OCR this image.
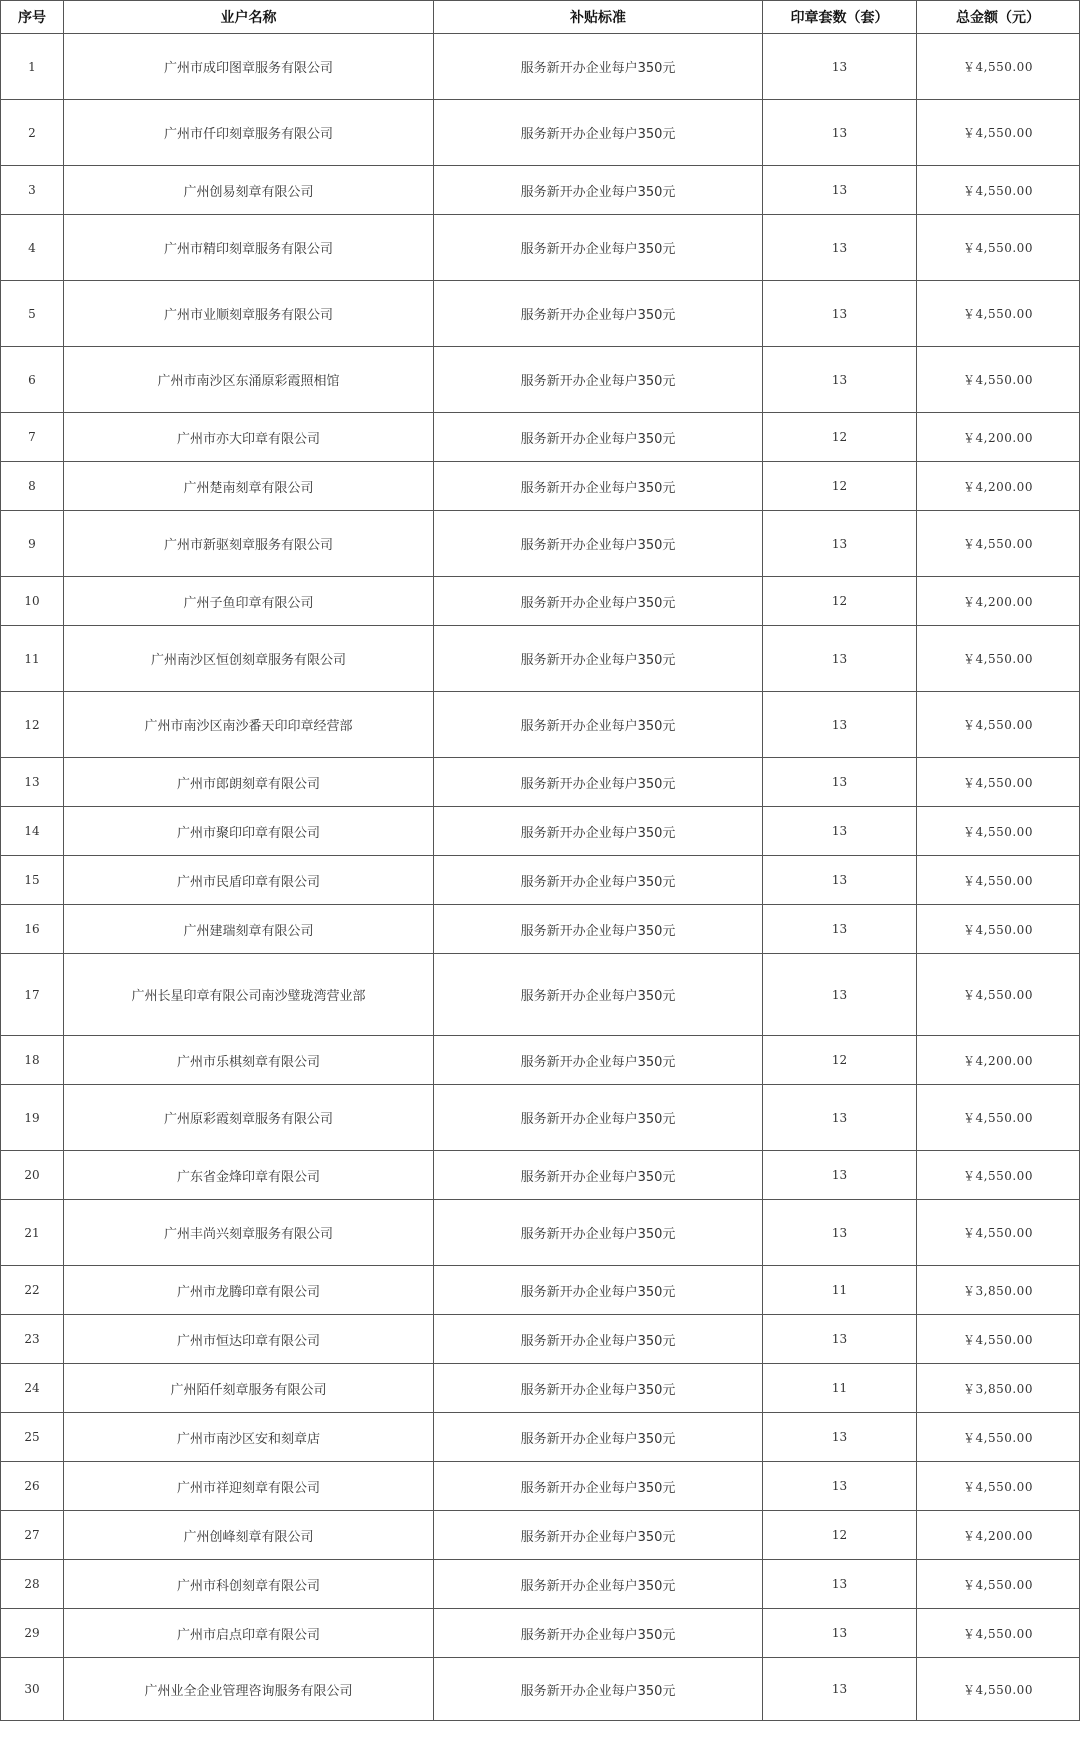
序号	业户名称	补贴标准	印章套数（套）	总金额（元）
1	广州市成印图章服务有限公司	服务新开办企业每户350元	13	￥4,550.00
2	广州市仟印刻章服务有限公司	服务新开办企业每户350元	13	￥4,550.00
3	广州创易刻章有限公司	服务新开办企业每户350元	13	￥4,550.00
4	广州市精印刻章服务有限公司	服务新开办企业每户350元	13	￥4,550.00
5	广州市业顺刻章服务有限公司	服务新开办企业每户350元	13	￥4,550.00
6	广州市南沙区东涌原彩霞照相馆	服务新开办企业每户350元	13	￥4,550.00
7	广州市亦大印章有限公司	服务新开办企业每户350元	12	￥4,200.00
8	广州楚南刻章有限公司	服务新开办企业每户350元	12	￥4,200.00
9	广州市新驱刻章服务有限公司	服务新开办企业每户350元	13	￥4,550.00
10	广州子鱼印章有限公司	服务新开办企业每户350元	12	￥4,200.00
11	广州南沙区恒创刻章服务有限公司	服务新开办企业每户350元	13	￥4,550.00
12	广州市南沙区南沙番天印印章经营部	服务新开办企业每户350元	13	￥4,550.00
13	广州市郎朗刻章有限公司	服务新开办企业每户350元	13	￥4,550.00
14	广州市聚印印章有限公司	服务新开办企业每户350元	13	￥4,550.00
15	广州市民盾印章有限公司	服务新开办企业每户350元	13	￥4,550.00
16	广州建瑞刻章有限公司	服务新开办企业每户350元	13	￥4,550.00
17	广州长星印章有限公司南沙璧珑湾营业部	服务新开办企业每户350元	13	￥4,550.00
18	广州市乐棋刻章有限公司	服务新开办企业每户350元	12	￥4,200.00
19	广州原彩霞刻章服务有限公司	服务新开办企业每户350元	13	￥4,550.00
20	广东省金烽印章有限公司	服务新开办企业每户350元	13	￥4,550.00
21	广州丰尚兴刻章服务有限公司	服务新开办企业每户350元	13	￥4,550.00
22	广州市龙腾印章有限公司	服务新开办企业每户350元	11	￥3,850.00
23	广州市恒达印章有限公司	服务新开办企业每户350元	13	￥4,550.00
24	广州陌仟刻章服务有限公司	服务新开办企业每户350元	11	￥3,850.00
25	广州市南沙区安和刻章店	服务新开办企业每户350元	13	￥4,550.00
26	广州市祥迎刻章有限公司	服务新开办企业每户350元	13	￥4,550.00
27	广州创峰刻章有限公司	服务新开办企业每户350元	12	￥4,200.00
28	广州市科创刻章有限公司	服务新开办企业每户350元	13	￥4,550.00
29	广州市启点印章有限公司	服务新开办企业每户350元	13	￥4,550.00
30	广州业全企业管理咨询服务有限公司	服务新开办企业每户350元	13	￥4,550.00
